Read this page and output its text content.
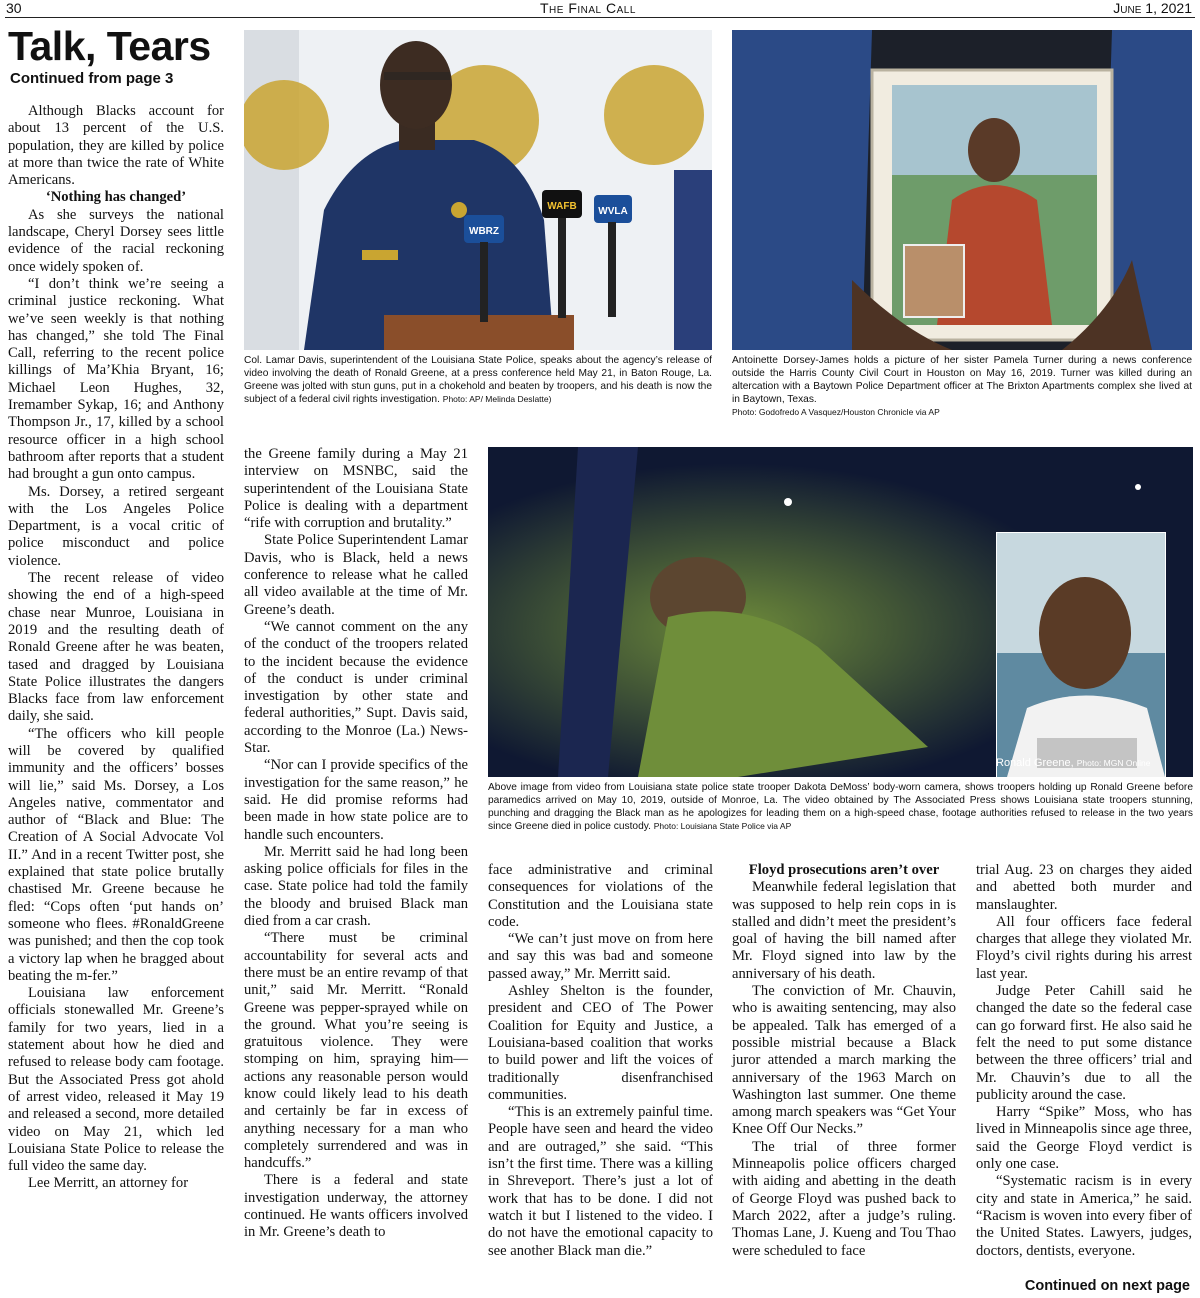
30	The Final Call	June 1, 2021
Talk, Tears
Continued from page 3

Although Blacks account for about 13 percent of the U.S. population, they are killed by police at more than twice the rate of White Americans.

‘Nothing has changed’

As she surveys the national landscape, Cheryl Dorsey sees little evidence of the racial reckoning once widely spoken of.

“I don’t think we’re seeing a criminal justice reckoning. What we’ve seen weekly is that nothing has changed,” she told The Final Call, referring to the recent police killings of Ma’Khia Bryant, 16; Michael Leon Hughes, 32, Iremamber Sykap, 16; and Anthony Thompson Jr., 17, killed by a school resource officer in a high school bathroom after reports that a student had brought a gun onto campus.

Ms. Dorsey, a retired sergeant with the Los Angeles Police Department, is a vocal critic of police misconduct and police violence.

The recent release of video showing the end of a high-speed chase near Munroe, Louisiana in 2019 and the resulting death of Ronald Greene after he was beaten, tased and dragged by Louisiana State Police illustrates the dangers Blacks face from law enforcement daily, she said.

“The officers who kill people will be covered by qualified immunity and the officers’ bosses will lie,” said Ms. Dorsey, a Los Angeles native, commentator and author of “Black and Blue: The Creation of A Social Advocate Vol II.” And in a recent Twitter post, she explained that state police brutally chastised Mr. Greene because he fled: “Cops often ‘put hands on’ someone who flees. #RonaldGreene was punished; and then the cop took a victory lap when he bragged about beating the m-fer.”

Louisiana law enforcement officials stonewalled Mr. Greene’s family for two years, lied in a statement about how he died and refused to release body cam footage. But the Associated Press got ahold of arrest video, released it May 19 and released a second, more detailed video on May 21, which led Louisiana State Police to release the full video the same day.

Lee Merritt, an attorney for

the Greene family during a May 21 interview on MSNBC, said the superintendent of the Louisiana State Police is dealing with a department “rife with corruption and brutality.”

State Police Superintendent Lamar Davis, who is Black, held a news conference to release what he called all video available at the time of Mr. Greene’s death.

“We cannot comment on the any of the conduct of the troopers related to the incident because the evidence of the conduct is under criminal investigation by other state and federal authorities,” Supt. Davis said, according to the Monroe (La.) News-Star.

“Nor can I provide specifics of the investigation for the same reason,” he said. He did promise reforms had been made in how state police are to handle such encounters.

Mr. Merritt said he had long been asking police officials for files in the case. State police had told the family the bloody and bruised Black man died from a car crash.

“There must be criminal accountability for several acts and there must be an entire revamp of that unit,” said Mr. Merritt. “Ronald Greene was pepper-sprayed while on the ground. What you’re seeing is gratuitous violence. They were stomping on him, spraying him—actions any reasonable person would know could likely lead to his death and certainly be far in excess of anything necessary for a man who completely surrendered and was in handcuffs.”

There is a federal and state investigation underway, the attorney continued. He wants officers involved in Mr. Greene’s death to

face administrative and criminal consequences for violations of the Constitution and the Louisiana state code.

“We can’t just move on from here and say this was bad and someone passed away,” Mr. Merritt said.

Ashley Shelton is the founder, president and CEO of The Power Coalition for Equity and Justice, a Louisiana-based coalition that works to build power and lift the voices of traditionally disenfranchised communities.

“This is an extremely painful time. People have seen and heard the video and are outraged,” she said. “This isn’t the first time. There was a killing in Shreveport. There’s just a lot of work that has to be done. I did not watch it but I listened to the video. I do not have the emotional capacity to see another Black man die.”

Floyd prosecutions aren’t over

Meanwhile federal legislation that was supposed to help rein cops in is stalled and didn’t meet the president’s goal of having the bill named after Mr. Floyd signed into law by the anniversary of his death.

The conviction of Mr. Chauvin, who is awaiting sentencing, may also be appealed. Talk has emerged of a possible mistrial because a Black juror attended a march marking the anniversary of the 1963 March on Washington last summer. One theme among march speakers was “Get Your Knee Off Our Necks.”

The trial of three former Minneapolis police officers charged with aiding and abetting in the death of George Floyd was pushed back to March 2022, after a judge’s ruling. Thomas Lane, J. Kueng and Tou Thao were scheduled to face

trial Aug. 23 on charges they aided and abetted both murder and manslaughter.

All four officers face federal charges that allege they violated Mr. Floyd’s civil rights during his arrest last year.

Judge Peter Cahill said he changed the date so the federal case can go forward first. He also said he felt the need to put some distance between the three officers’ trial and Mr. Chauvin’s due to all the publicity around the case.

Harry “Spike” Moss, who has lived in Minneapolis since age three, said the George Floyd verdict is only one case.

“Systematic racism is in every city and state in America,” he said. “Racism is woven into every fiber of the United States. Lawyers, judges, doctors, dentists, everyone.

Continued on next page
WBRZ
WAFB WVLA
Col. Lamar Davis, superintendent of the Louisiana State Police, speaks about the agency’s release of video involving the death of Ronald Greene, at a press conference held May 21, in Baton Rouge, La. Greene was jolted with stun guns, put in a chokehold and beaten by troopers, and his death is now the subject of a federal civil rights investigation. Photo: AP/ Melinda Deslatte)
Antoinette Dorsey-James holds a picture of her sister Pamela Turner during a news conference outside the Harris County Civil Court in Houston on May 16, 2019. Turner was killed during an altercation with a Baytown Police Department officer at The Brixton Apartments complex she lived at in Baytown, Texas.
Photo: Godofredo A Vasquez/Houston Chronicle via AP
Ronald Greene, Photo: MGN Online
Above image from video from Louisiana state police state trooper Dakota DeMoss’ body-worn camera, shows troopers holding up Ronald Greene before paramedics arrived on May 10, 2019, outside of Monroe, La. The video obtained by The Associated Press shows Louisiana state troopers stunning, punching and dragging the Black man as he apologizes for leading them on a high-speed chase, footage authorities refused to release in the two years since Greene died in police custody. Photo: Louisiana State Police via AP
